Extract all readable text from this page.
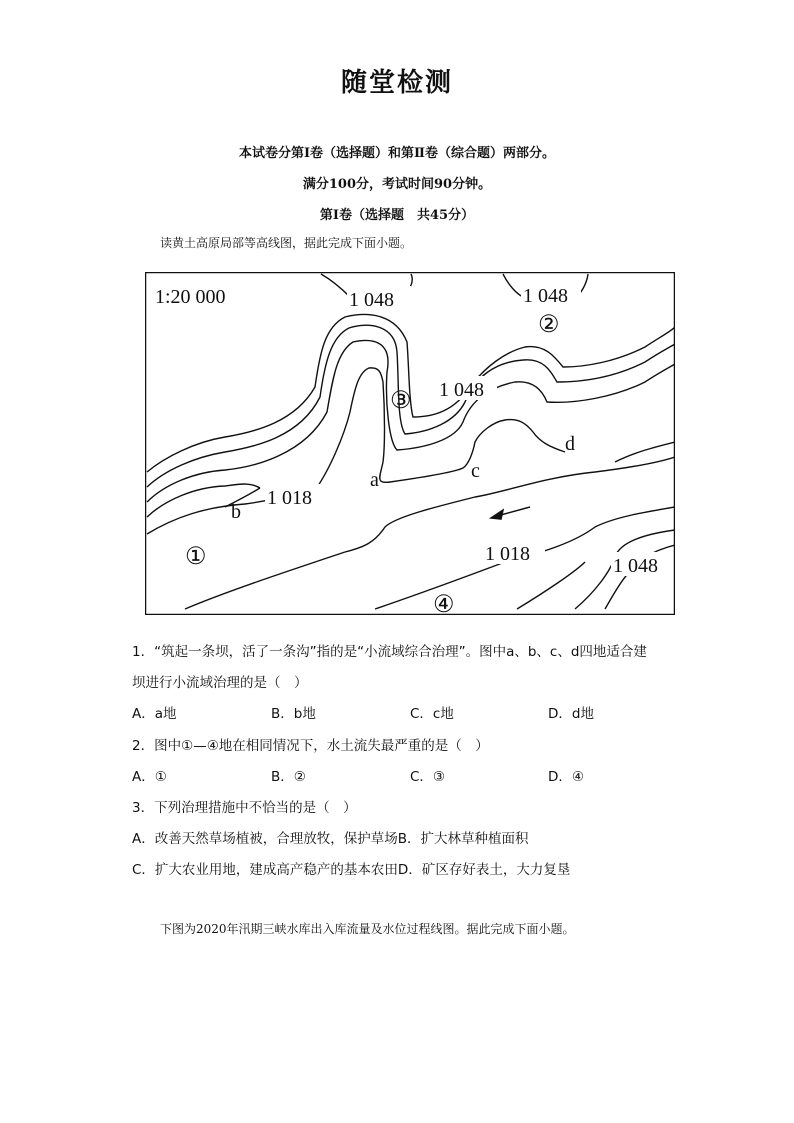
随堂检测
本试卷分第Ⅰ卷（选择题）和第Ⅱ卷（综合题）两部分。
满分100分，考试时间90分钟。
第Ⅰ卷（选择题　共45分）
读黄土高原局部等高线图，据此完成下面小题。
1:20 000	1 048	1 048
1 048
1 018
1 018
1 048
a
b
c
d
①
②
③
④
1．“筑起一条坝，活了一条沟”指的是“小流域综合治理”。图中a、b、c、d四地适合建
坝进行小流域治理的是（　）
A．a地	B．b地	C．c地	D．d地
2．图中①—④地在相同情况下，水土流失最严重的是（　）
A．①	B．②	C．③	D．④
3．下列治理措施中不恰当的是（　）
A．改善天然草场植被，合理放牧，保护草场B．扩大林草种植面积
C．扩大农业用地，建成高产稳产的基本农田D．矿区存好表土，大力复垦
下图为2020年汛期三峡水库出入库流量及水位过程线图。据此完成下面小题。
